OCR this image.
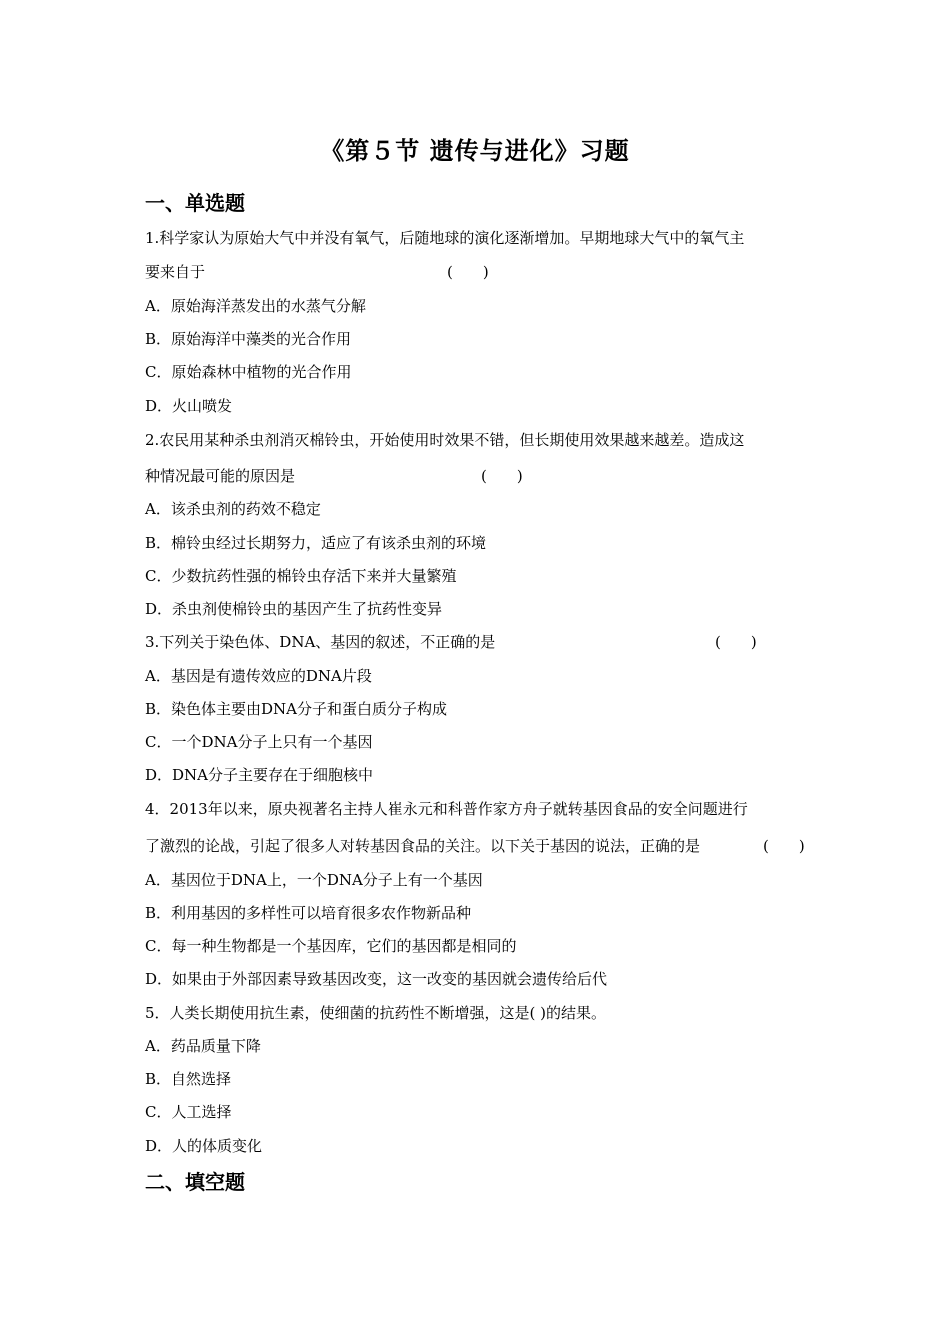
《第５节 遗传与进化》习题
一、单选题
1.科学家认为原始大气中并没有氧气，后随地球的演化逐渐增加。早期地球大气中的氧气主
要来自于	(　　)
A．原始海洋蒸发出的水蒸气分解
B．原始海洋中藻类的光合作用
C．原始森林中植物的光合作用
D．火山喷发
2.农民用某种杀虫剂消灭棉铃虫，开始使用时效果不错，但长期使用效果越来越差。造成这
种情况最可能的原因是	(　　)
A．该杀虫剂的药效不稳定
B．棉铃虫经过长期努力，适应了有该杀虫剂的环境
C．少数抗药性强的棉铃虫存活下来并大量繁殖
D．杀虫剂使棉铃虫的基因产生了抗药性变异
3.下列关于染色体、DNA、基因的叙述，不正确的是	(　　)
A．基因是有遗传效应的DNA片段
B．染色体主要由DNA分子和蛋白质分子构成
C．一个DNA分子上只有一个基因
D．DNA分子主要存在于细胞核中
4．2013年以来，原央视著名主持人崔永元和科普作家方舟子就转基因食品的安全问题进行
了激烈的论战，引起了很多人对转基因食品的关注。以下关于基因的说法，正确的是	(　　)
A．基因位于DNA上，一个DNA分子上有一个基因
B．利用基因的多样性可以培育很多农作物新品种
C．每一种生物都是一个基因库，它们的基因都是相同的
D．如果由于外部因素导致基因改变，这一改变的基因就会遗传给后代
5．人类长期使用抗生素，使细菌的抗药性不断增强，这是( )的结果。
A．药品质量下降
B．自然选择
C．人工选择
D．人的体质变化
二、填空题
